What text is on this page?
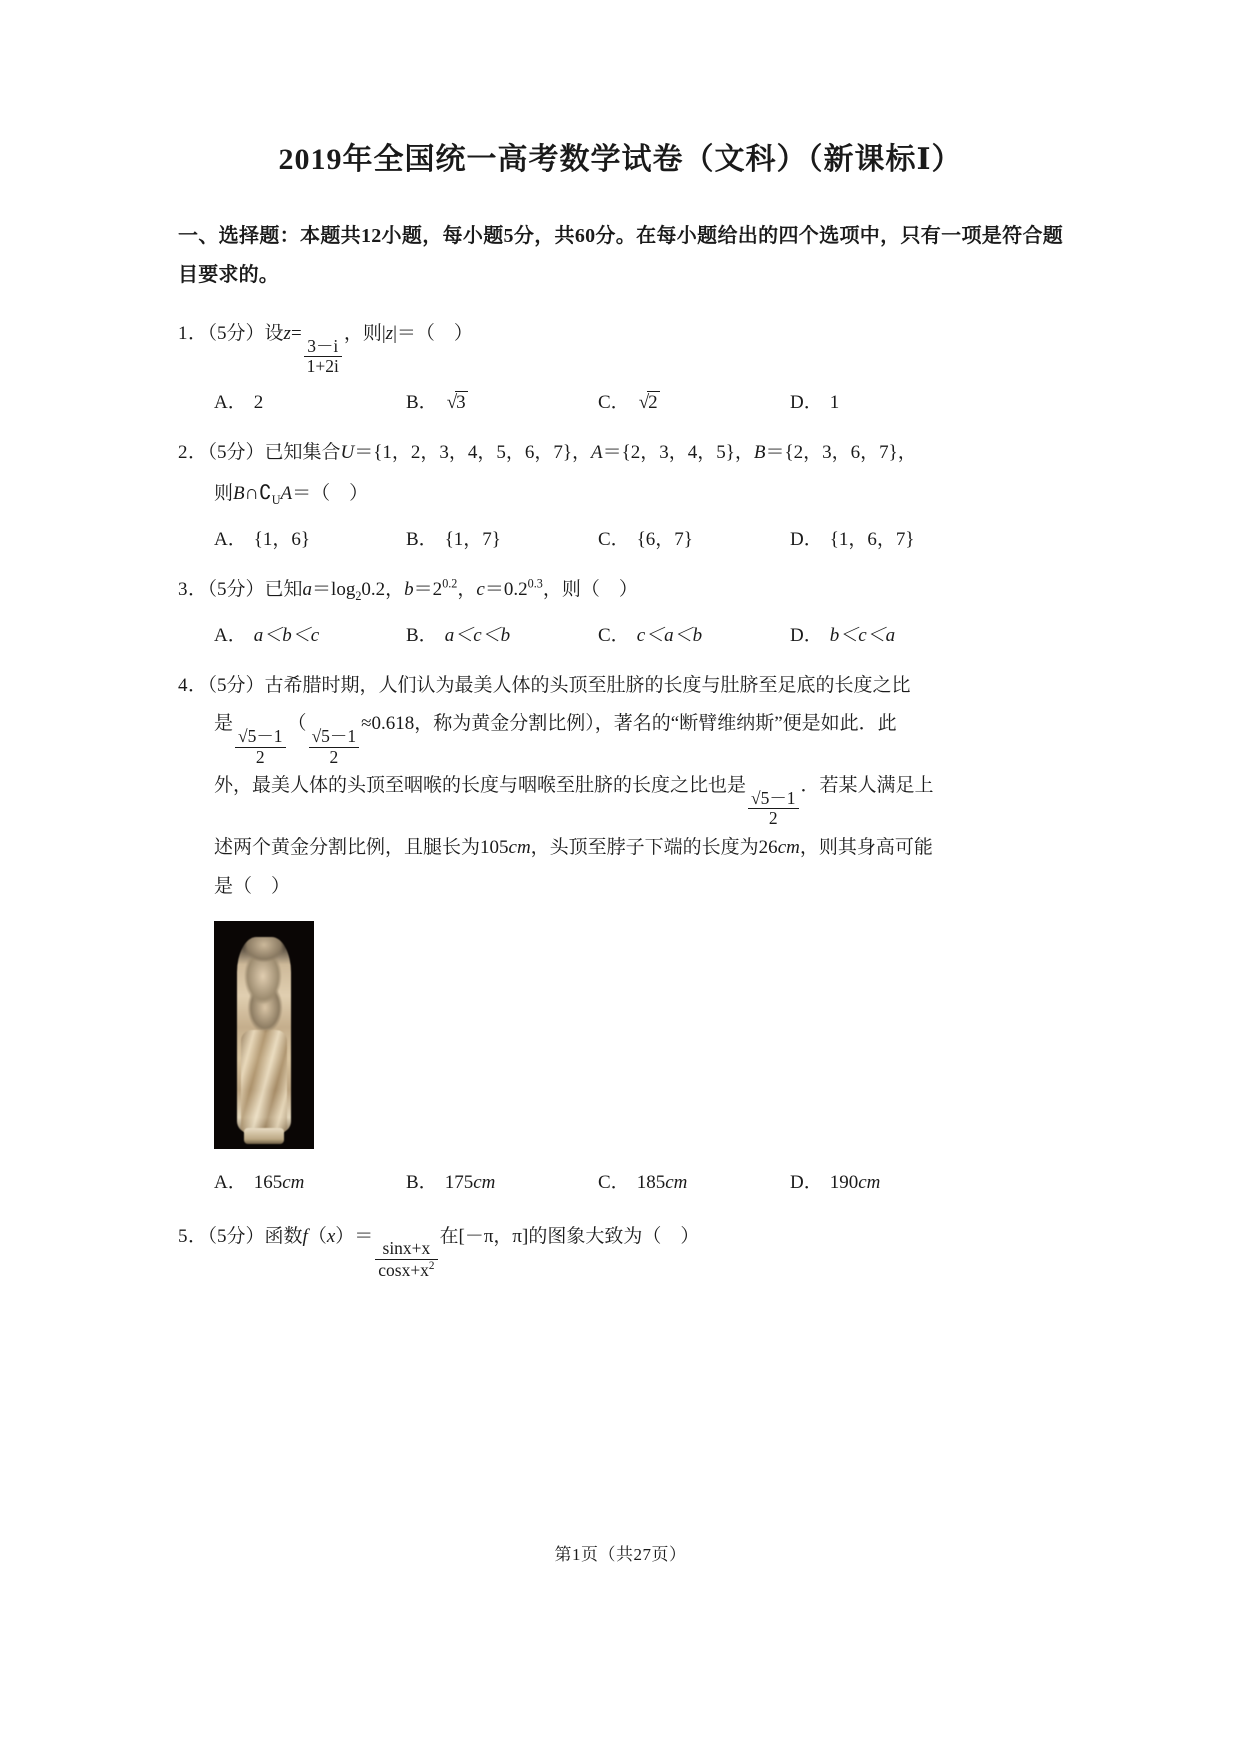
2019年全国统一高考数学试卷（文科）（新课标Ⅰ）
一、选择题：本题共12小题，每小题5分，共60分。在每小题给出的四个选项中，只有一项是符合题目要求的。
1．（5分）设z=
$\frac{3-i}{1+2i}$
，则|z|＝（　）
A． 2	B． √3	C． √2	D． 1
2．（5分）已知集合U＝{1，2，3，4，5，6，7}，A＝{2，3，4，5}，B＝{2，3，6，7}，
则$B\cap∁_UA=$（　）
A． {1，6}	B． {1，7}	C． {6，7}	D． {1，6，7}
3．（5分）已知$a=\log_20.2$，$b=2^{0.2}$，$c=0.2^{0.3}$，则（　）
A． a＜b＜c	B． a＜c＜b	C． c＜a＜b	D． b＜c＜a
4．（5分）古希腊时期，人们认为最美人体的头顶至肚脐的长度与肚脐至足底的长度之比
是
$\frac{√5-1}{2}$
（
$\frac{√5-1}{2}$
≈0.618，称为黄金分割比例），著名的“断臂维纳斯”便是如此．此
外，最美人体的头顶至咽喉的长度与咽喉至肚脐的长度之比也是
$\frac{√5-1}{2}$
．若某人满足上
述两个黄金分割比例，且腿长为105cm，头顶至脖子下端的长度为26cm，则其身高可能
是（　）
A． 165cm	B． 175cm	C． 185cm	D． 190cm
5．（5分）函数f（x）＝
$\frac{\sin x+x}{\cos x+x^2}$
在[－π，π]的图象大致为（　）
第1页（共27页）
